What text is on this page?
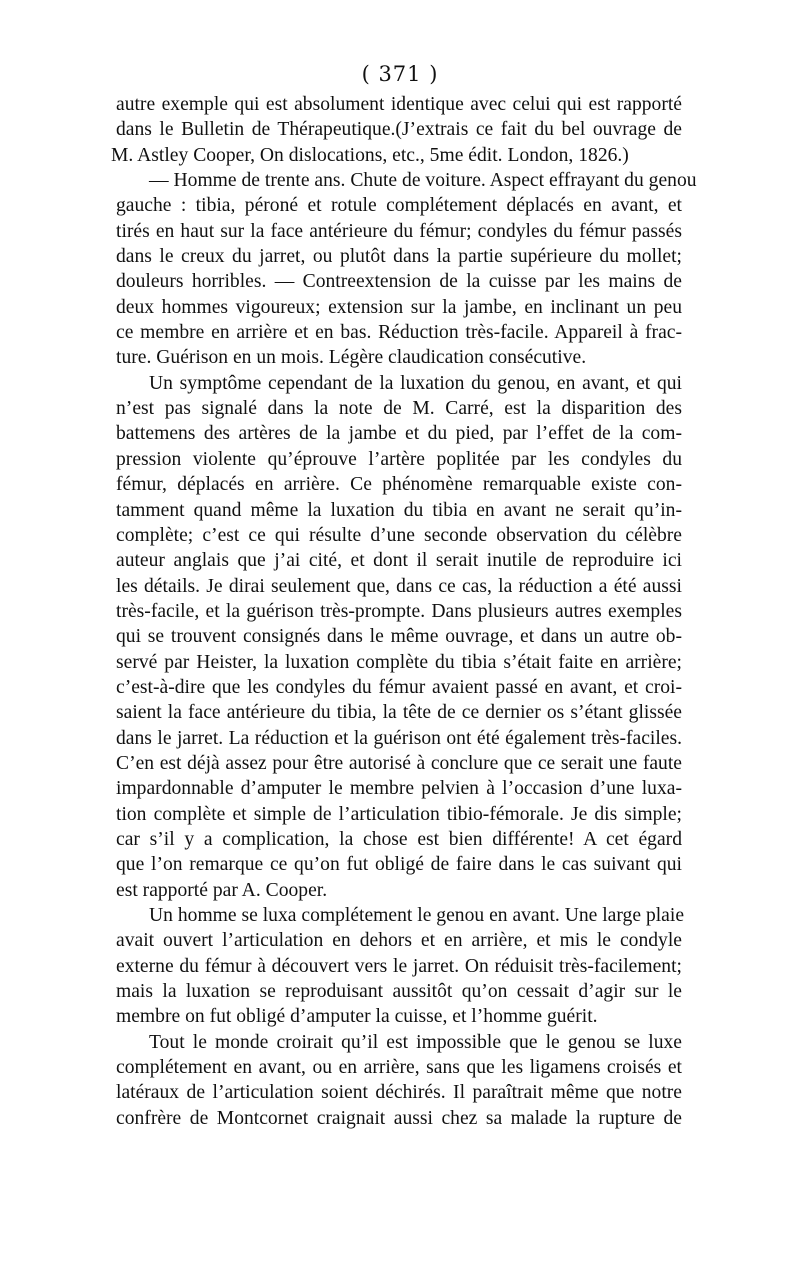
( 371 )
autre exemple qui est absolument identique avec celui qui est rapporté
dans le Bulletin de Thérapeutique.(J’extrais ce fait du bel ouvrage de
M. Astley Cooper, On dislocations, etc., 5me édit. London, 1826.)
— Homme de trente ans. Chute de voiture. Aspect effrayant du genou
gauche : tibia, péroné et rotule complétement déplacés en avant, et
tirés en haut sur la face antérieure du fémur; condyles du fémur passés
dans le creux du jarret, ou plutôt dans la partie supérieure du mollet;
douleurs horribles. — Contreextension de la cuisse par les mains de
deux hommes vigoureux; extension sur la jambe, en inclinant un peu
ce membre en arrière et en bas. Réduction très-facile. Appareil à frac-
ture. Guérison en un mois. Légère claudication consécutive.
Un symptôme cependant de la luxation du genou, en avant, et qui
n’est pas signalé dans la note de M. Carré, est la disparition des
battemens des artères de la jambe et du pied, par l’effet de la com-
pression violente qu’éprouve l’artère poplitée par les condyles du
fémur, déplacés en arrière. Ce phénomène remarquable existe con-
tamment quand même la luxation du tibia en avant ne serait qu’in-
complète; c’est ce qui résulte d’une seconde observation du célèbre
auteur anglais que j’ai cité, et dont il serait inutile de reproduire ici
les détails. Je dirai seulement que, dans ce cas, la réduction a été aussi
très-facile, et la guérison très-prompte. Dans plusieurs autres exemples
qui se trouvent consignés dans le même ouvrage, et dans un autre ob-
servé par Heister, la luxation complète du tibia s’était faite en arrière;
c’est-à-dire que les condyles du fémur avaient passé en avant, et croi-
saient la face antérieure du tibia, la tête de ce dernier os s’étant glissée
dans le jarret. La réduction et la guérison ont été également très-faciles.
C’en est déjà assez pour être autorisé à conclure que ce serait une faute
impardonnable d’amputer le membre pelvien à l’occasion d’une luxa-
tion complète et simple de l’articulation tibio-fémorale. Je dis simple;
car s’il y a complication, la chose est bien différente! A cet égard
que l’on remarque ce qu’on fut obligé de faire dans le cas suivant qui
est rapporté par A. Cooper.
Un homme se luxa complétement le genou en avant. Une large plaie
avait ouvert l’articulation en dehors et en arrière, et mis le condyle
externe du fémur à découvert vers le jarret. On réduisit très-facilement;
mais la luxation se reproduisant aussitôt qu’on cessait d’agir sur le
membre on fut obligé d’amputer la cuisse, et l’homme guérit.
Tout le monde croirait qu’il est impossible que le genou se luxe
complétement en avant, ou en arrière, sans que les ligamens croisés et
latéraux de l’articulation soient déchirés. Il paraîtrait même que notre
confrère de Montcornet craignait aussi chez sa malade la rupture de
